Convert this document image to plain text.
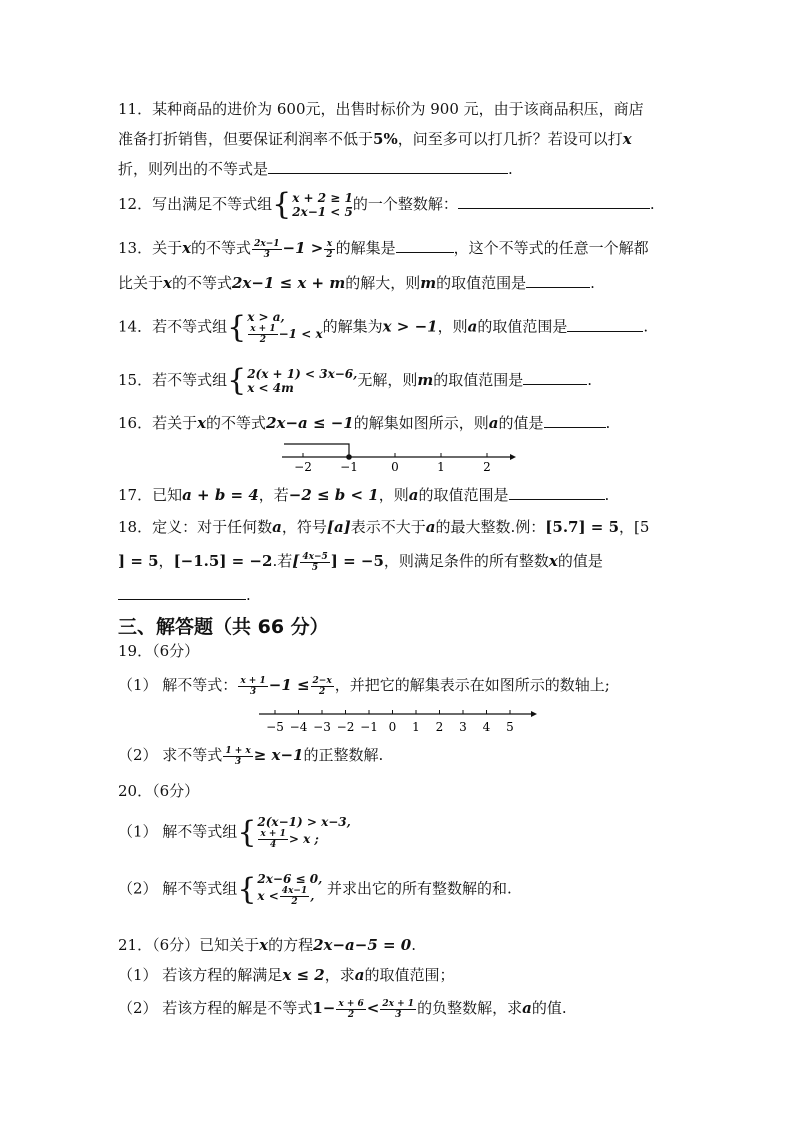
11．某种商品的进价为 600元，出售时标价为 900 元，由于该商品积压，商店
准备打折销售，但要保证利润率不低于5%，问至多可以打几折？若设可以打x
折，则列出的不等式是	.
12．写出满足不等式组{ x + 2 ≥ 1
2x−1 < 5 的一个整数解：	.
13．关于x的不等式 $\frac{2x-1}{3} -1 > \frac{x}{2}$ 的解集是	，这个不等式的任意一个解都
比关于x的不等式2x−1 ≤ x + m的解大，则m的取值范围是	.
14．若不等式组{ x > a,
$\frac{x + 1}{2} -1 < x$ 的解集为x > −1，则a的取值范围是	.
15．若不等式组{ 2(x + 1) < 3x−6,
x < 4m	无解，则m的取值范围是	.
16．若关于x的不等式2x−a ≤ −1的解集如图所示，则a的值是	.
−2 −1	0	1	2
17．已知a + b = 4，若−2 ≤ b < 1，则a的取值范围是	.
18．定义：对于任何数a，符号[a]表示不大于a的最大整数.例：[5.7] = 5，[5
] = 5，[−1.5] = −2.若[ $\frac{4x-5}{5}$ ] = −5，则满足条件的所有整数x的值是
.
三、解答题（共 66 分）
19．（6分）
（1） 解不等式： $\frac{x + 1}{3} -1 \le \frac{2-x}{2}$ ，并把它的解集表示在如图所示的数轴上;
−5 −4 −3 −2 −1 0 1 2 3 4 5
（2） 求不等式 $\frac{1 + x}{3} \ge x-1$的正整数解.
20．（6分）
（1） 解不等式组{ 2(x−1) > x−3,
$\frac{x + 1}{4} > x$ ;
（2） 解不等式组{ 2x−6 ≤ 0,
$x < \frac{4x-1}{2}$ , 并求出它的所有整数解的和.
21．（6分）已知关于x的方程2x−a−5 = 0.
（1） 若该方程的解满足x ≤ 2，求a的取值范围；
（2） 若该方程的解是不等式$1- \frac{x + 6}{2} < \frac{2x + 1}{3}$ 的负整数解，求a的值.
